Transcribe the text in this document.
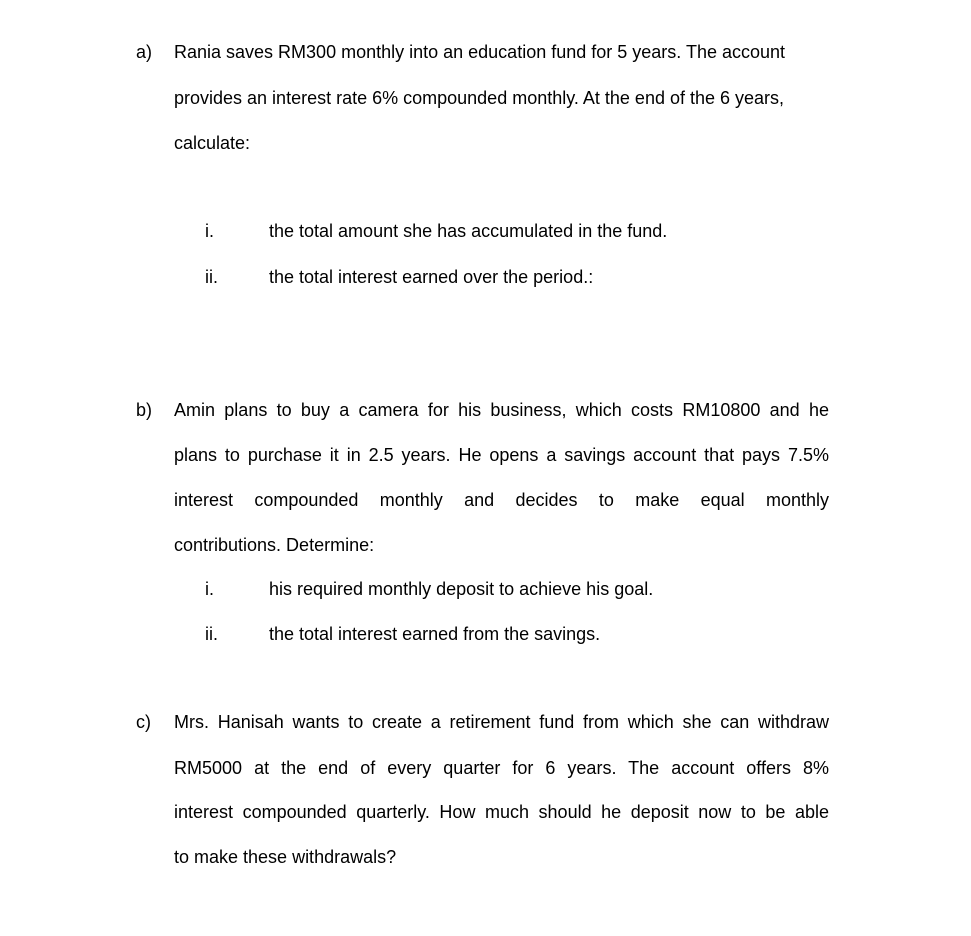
a) Rania saves RM300 monthly into an education fund for 5 years. The account
provides an interest rate 6% compounded monthly. At the end of the 6 years,
calculate:
i.	the total amount she has accumulated in the fund.
ii.	the total interest earned over the period.:
b) Amin plans to buy a camera for his business, which costs RM10800 and he
plans to purchase it in 2.5 years. He opens a savings account that pays 7.5%
interest compounded monthly and decides to make equal monthly
contributions. Determine:
i.	his required monthly deposit to achieve his goal.
ii.	the total interest earned from the savings.
c) Mrs. Hanisah wants to create a retirement fund from which she can withdraw
RM5000 at the end of every quarter for 6 years. The account offers 8%
interest compounded quarterly. How much should he deposit now to be able
to make these withdrawals?
